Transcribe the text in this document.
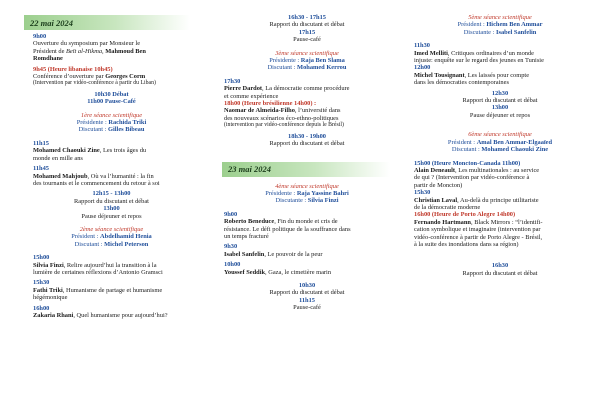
22 mai 2024
9h00
Ouverture du symposium par Monsieur le
Président de Beït al-Hikma, Mahmoud Ben
Romdhane
9h45 (Heure libanaise 10h45)
Conférence d’ouverture par Georges Corm
(Intervention par vidéo-conférence à partir du Liban)
10h30 Débat
11h00 Pause-Café
1ère séance scientifique
Présidente : Rachida Triki
Discutant : Gilles Bibeau
11h15
Mohamed Chaouki Zine, Les trois âges du
monde en mille ans
11h45
Mohamed Mahjoub, Où va l’humanité : la fin
des tournants et le commencement du retour à soi
12h15 - 13h00
Rapport du discutant et débat
13h00
Pause déjeuner et repos
2ème séance scientifique
Président : Abdelhamid Henia
Discutant : Michel Peterson
15h00
Silvia Finzi, Relire aujourd’hui la transition à la
lumière de certaines réflexions d’Antonio Gramsci
15h30
Fathi Triki, Humanisme de partage et humanisme
hégémonique
16h00
Zakaria Rhani, Quel humanisme pour aujourd’hui?
16h30 - 17h15
Rapport du discutant et débat
17h15
Pause-café
3ème séance scientifique
Présidente : Raja Ben Slama
Discutant : Mohamed Kerrou
17h30
Pierre Dardot, La démocratie comme procédure
et comme expérience
18h00 (Heure brésilienne 14h00) :
Naomar de Almeida-Filho, l’université dans
des nouveaux scénarios éco-ethno-politiques
(intervention par vidéo-conférence depuis le Brésil)
18h30 - 19h00
Rapport du discutant et débat
23 mai 2024
4ème séance scientifique
Présidente : Raja Yassine Bahri
Discutante : Silvia Finzi
9h00
Roberto Beneduce, Fin du monde et cris de
résistance. Le défi politique de la souffrance dans
un temps fracturé
9h30
Isabel Sanfelin, Le pouvoir de la peur
10h00
Youssef Seddik, Gaza, le cimetière marin
10h30
Rapport du discutant et débat
11h15
Pause-café
5ème séance scientifique
Président : Hichem Ben Ammar
Discutante : Isabel Sanfelin
11h30
Imed Melliti, Critiques ordinaires d’un monde
injuste: enquête sur le regard des jeunes en Tunisie
12h00
Michel Tousignant, Les laissés pour compte
dans les démocraties contemporaines
12h30
Rapport du discutant et débat
13h00
Pause déjeuner et repos
6ème séance scientifique
Président : Amal Ben Ammar-Elgaaïed
Discutant : Mohamed Chaouki Zine
15h00 (Heure Moncton-Canada 11h00)
Alain Deneault, Les multinationales : au service
de qui ? (Intervention par vidéo-conférence à
partir de Moncton)
15h30
Christian Laval, Au-delà du principe utilitariste
de la démocratie moderne
16h00 (Heure de Porto Alegre 14h00)
Fernando Hartmann, Black Mirrors : “l’identifi-
cation symbolique et imaginaire (intervention par
vidéo-conférence à partir de Porto Alegre - Brésil,
à la suite des inondations dans sa région)
16h30
Rapport du discutant et débat
